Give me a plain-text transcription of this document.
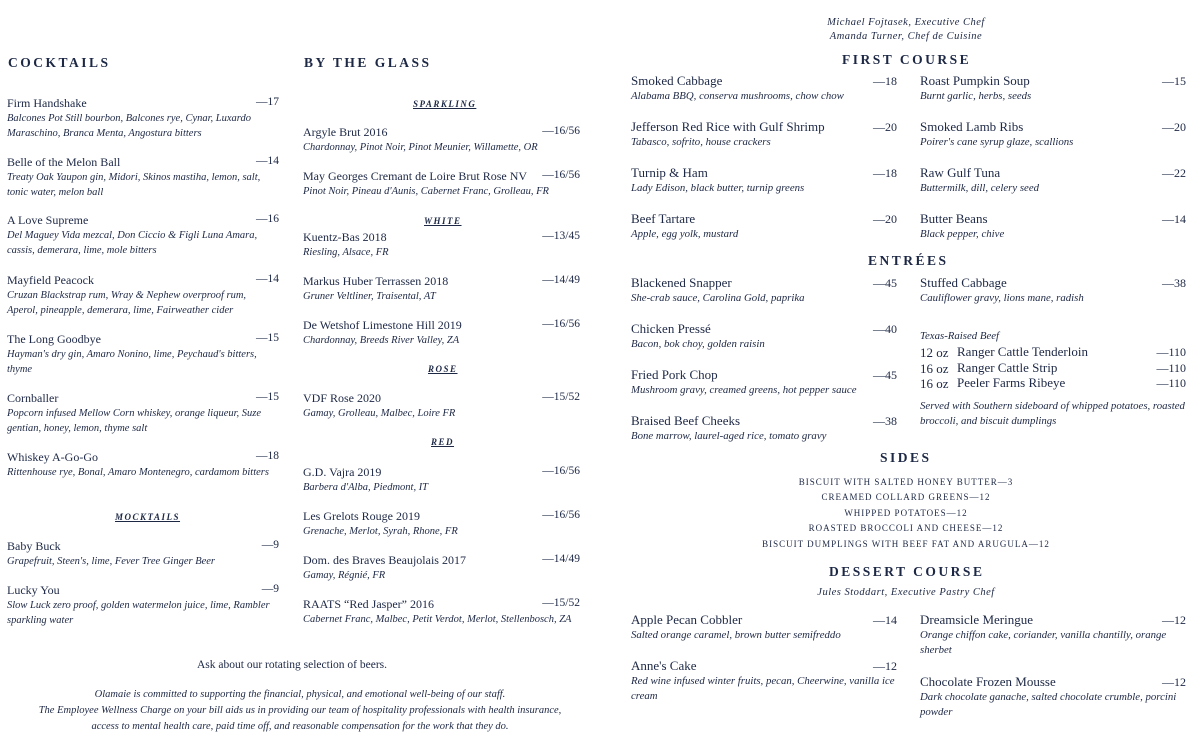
COCKTAILS
Firm Handshake	—17
Balcones Pot Still bourbon, Balcones rye, Cynar, Luxardo Maraschino, Branca Menta, Angostura bitters
Belle of the Melon Ball	—14
Treaty Oak Yaupon gin, Midori, Skinos mastiha, lemon, salt, tonic water, melon ball
A Love Supreme	—16
Del Maguey Vida mezcal, Don Ciccio & Figli Luna Amara, cassis, demerara, lime, mole bitters
Mayfield Peacock	—14
Cruzan Blackstrap rum, Wray & Nephew overproof rum, Aperol, pineapple, demerara, lime, Fairweather cider
The Long Goodbye	—15
Hayman's dry gin, Amaro Nonino, lime, Peychaud's bitters, thyme
Cornballer	—15
Popcorn infused Mellow Corn whiskey, orange liqueur, Suze gentian, honey, lemon, thyme salt
Whiskey A-Go-Go	—18
Rittenhouse rye, Bonal, Amaro Montenegro, cardamom bitters
MOCKTAILS
Baby Buck	—9
Grapefruit, Steen's, lime, Fever Tree Ginger Beer
Lucky You	—9
Slow Luck zero proof, golden watermelon juice, lime, Rambler sparkling water
BY THE GLASS
SPARKLING
Argyle Brut 2016	—16/56
Chardonnay, Pinot Noir, Pinot Meunier, Willamette, OR
May Georges Cremant de Loire Brut Rose NV	—16/56
Pinot Noir, Pineau d'Aunis, Cabernet Franc, Grolleau, FR
WHITE
Kuentz-Bas 2018	—13/45
Riesling, Alsace, FR
Markus Huber Terrassen 2018	—14/49
Gruner Veltliner, Traisental, AT
De Wetshof Limestone Hill 2019	—16/56
Chardonnay, Breeds River Valley, ZA
ROSE
VDF Rose 2020	—15/52
Gamay, Grolleau, Malbec, Loire FR
RED
G.D. Vajra 2019	—16/56
Barbera d'Alba, Piedmont, IT
Les Grelots Rouge 2019	—16/56
Grenache, Merlot, Syrah, Rhone, FR
Dom. des Braves Beaujolais 2017	—14/49
Gamay, Régnié, FR
RAATS “Red Jasper” 2016	—15/52
Cabernet Franc, Malbec, Petit Verdot, Merlot, Stellenbosch, ZA
Ask about our rotating selection of beers.
Olamaie is committed to supporting the financial, physical, and emotional well-being of our staff.
The Employee Wellness Charge on your bill aids us in providing our team of hospitality professionals with health insurance,
access to mental health care, paid time off, and reasonable compensation for the work that they do.
Michael Fojtasek, Executive Chef
Amanda Turner, Chef de Cuisine
FIRST COURSE
Smoked Cabbage	—18
Alabama BBQ, conserva mushrooms, chow chow
Jefferson Red Rice with Gulf Shrimp	—20
Tabasco, sofrito, house crackers
Turnip & Ham	—18
Lady Edison, black butter, turnip greens
Beef Tartare	—20
Apple, egg yolk, mustard
Roast Pumpkin Soup	—15
Burnt garlic, herbs, seeds
Smoked Lamb Ribs	—20
Poirer's cane syrup glaze, scallions
Raw Gulf Tuna	—22
Buttermilk, dill, celery seed
Butter Beans	—14
Black pepper, chive
ENTRÉES
Blackened Snapper	—45
She-crab sauce, Carolina Gold, paprika
Chicken Pressé	—40
Bacon, bok choy, golden raisin
Fried Pork Chop	—45
Mushroom gravy, creamed greens, hot pepper sauce
Braised Beef Cheeks	—38
Bone marrow, laurel-aged rice, tomato gravy
Stuffed Cabbage	—38
Cauliflower gravy, lions mane, radish
Texas-Raised Beef
12 oz Ranger Cattle Tenderloin	—110
16 oz Ranger Cattle Strip	—110
16 oz Peeler Farms Ribeye	—110
Served with Southern sideboard of whipped potatoes, roasted broccoli, and biscuit dumplings
SIDES
BISCUIT WITH SALTED HONEY BUTTER—3
CREAMED COLLARD GREENS—12
WHIPPED POTATOES—12
ROASTED BROCCOLI AND CHEESE—12
BISCUIT DUMPLINGS WITH BEEF FAT AND ARUGULA—12
DESSERT COURSE
Jules Stoddart, Executive Pastry Chef
Apple Pecan Cobbler	—14
Salted orange caramel, brown butter semifreddo
Anne's Cake	—12
Red wine infused winter fruits, pecan, Cheerwine, vanilla ice cream
Dreamsicle Meringue	—12
Orange chiffon cake, coriander, vanilla chantilly, orange sherbet
Chocolate Frozen Mousse	—12
Dark chocolate ganache, salted chocolate crumble, porcini powder
